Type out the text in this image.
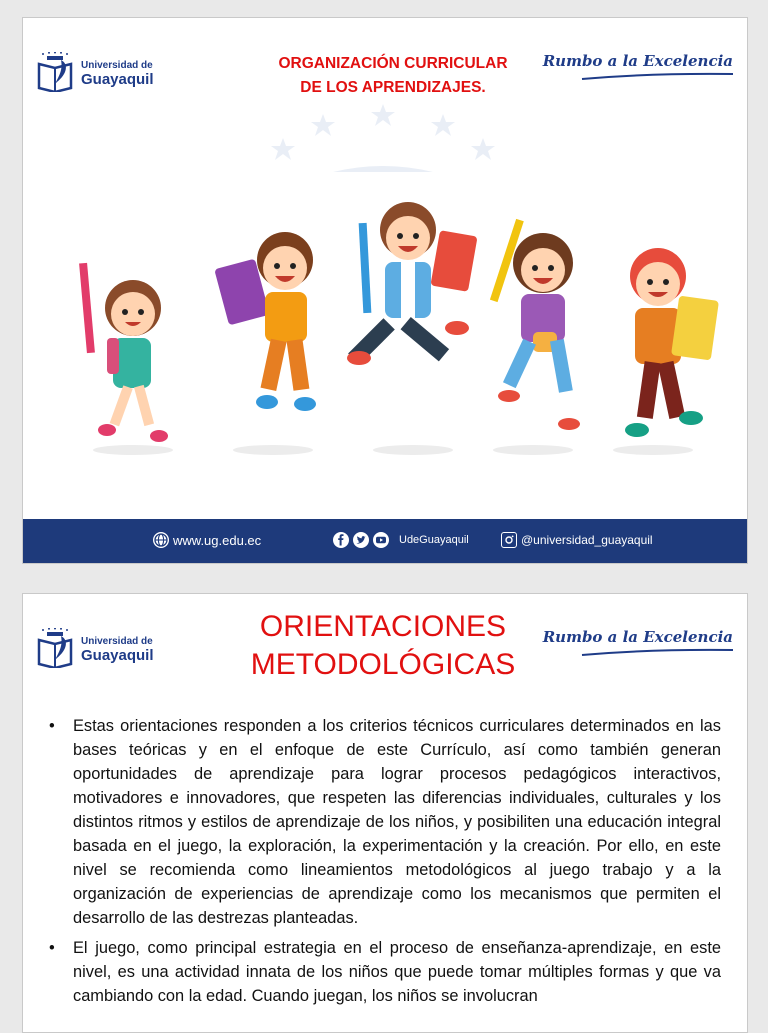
Universidad de
Guayaquil
ORGANIZACIÓN CURRICULAR
DE LOS APRENDIZAJES.
Rumbo a la Excelencia
www.ug.edu.ec	UdeGuayaquil	@universidad_guayaquil
Universidad de
Guayaquil
ORIENTACIONES
METODOLÓGICAS
Rumbo a la Excelencia
• Estas orientaciones responden a los criterios técnicos curriculares determinados en las bases teóricas y en el enfoque de este Currículo, así como también generan oportunidades de aprendizaje para lograr procesos pedagógicos interactivos, motivadores e innovadores, que respeten las diferencias individuales, culturales y los distintos ritmos y estilos de aprendizaje de los niños, y posibiliten una educación integral basada en el juego, la exploración, la experimentación y la creación. Por ello, en este nivel se recomienda como lineamientos metodológicos al juego trabajo y a la organización de experiencias de aprendizaje como los mecanismos que permiten el desarrollo de las destrezas planteadas.
• El juego, como principal estrategia en el proceso de enseñanza-aprendizaje, en este nivel, es una actividad innata de los niños que puede tomar múltiples formas y que va cambiando con la edad. Cuando juegan, los niños se involucran
